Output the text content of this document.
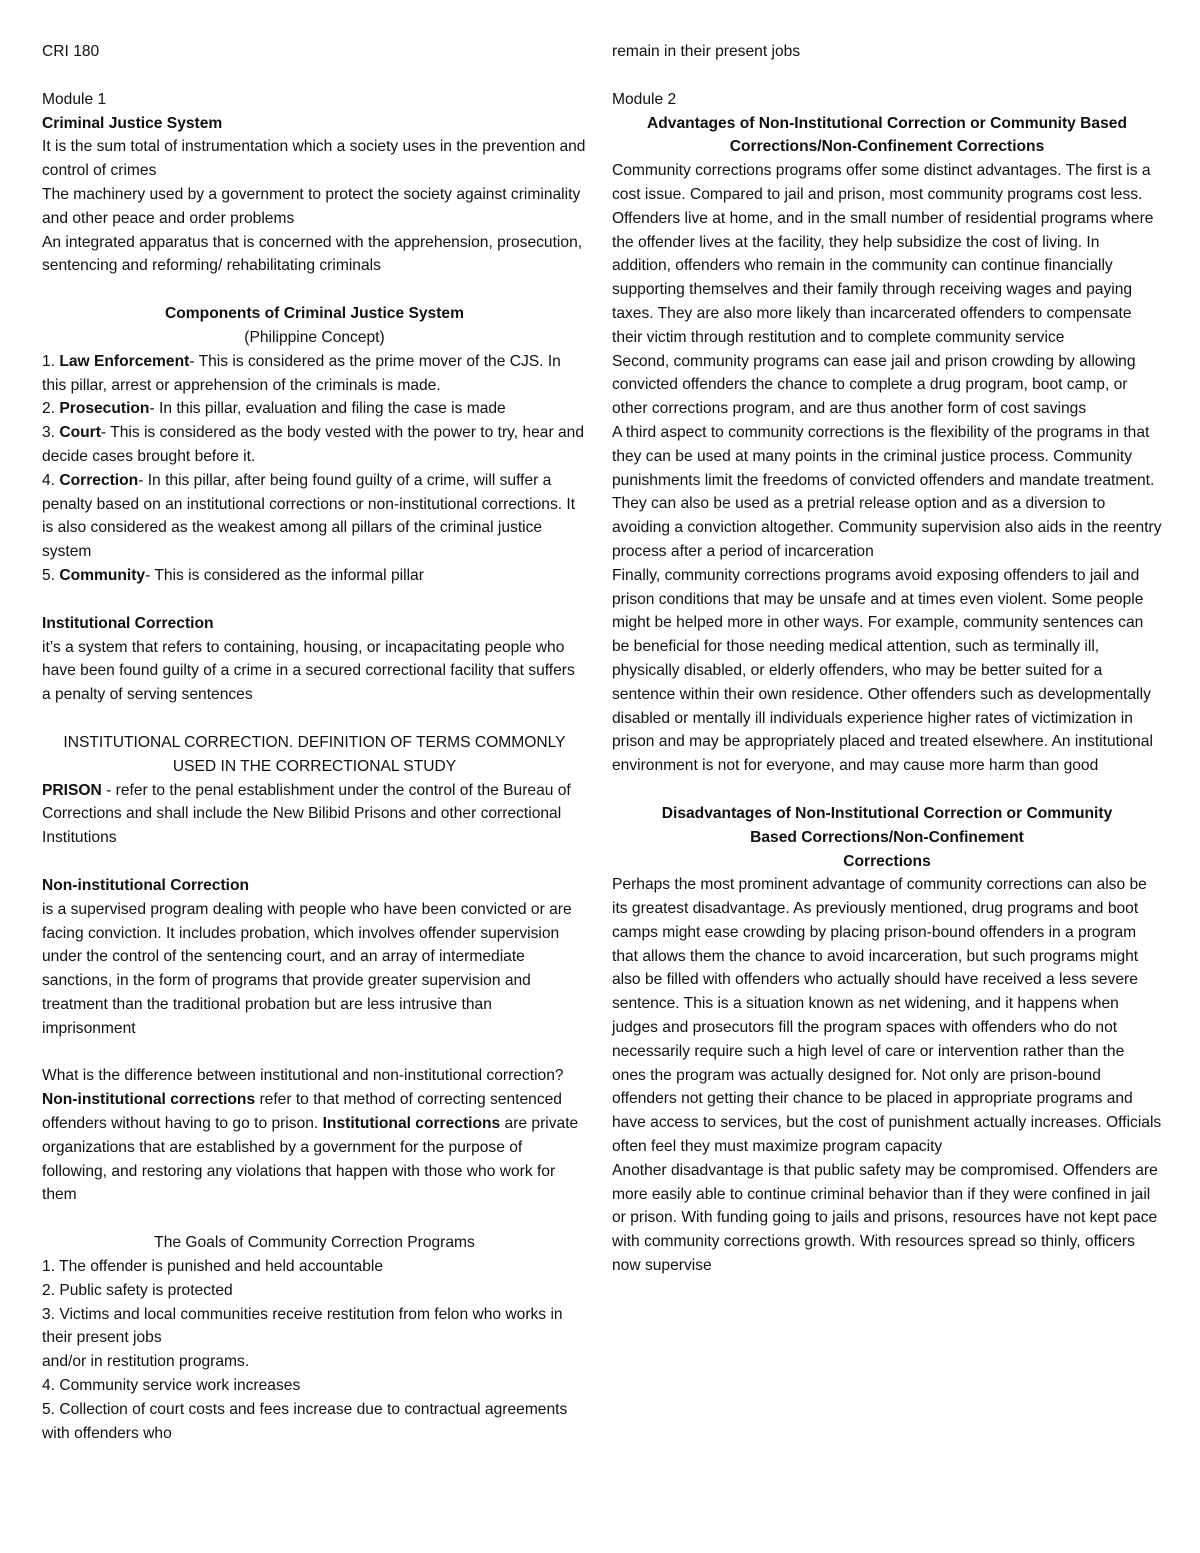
CRI 180

Module 1

Criminal Justice System

It is the sum total of instrumentation which a society uses in the prevention and control of crimes

The machinery used by a government to protect the society against criminality and other peace and order problems

An integrated apparatus that is concerned with the apprehension, prosecution, sentencing and reforming/ rehabilitating criminals

Components of Criminal Justice System

(Philippine Concept)

1. Law Enforcement- This is considered as the prime mover of the CJS. In this pillar, arrest or apprehension of the criminals is made.

2. Prosecution- In this pillar, evaluation and filing the case is made

3. Court- This is considered as the body vested with the power to try, hear and decide cases brought before it.

4. Correction- In this pillar, after being found guilty of a crime, will suffer a penalty based on an institutional corrections or non-institutional corrections. It is also considered as the weakest among all pillars of the criminal justice system

5. Community- This is considered as the informal pillar

Institutional Correction

it’s a system that refers to containing, housing, or incapacitating people who have been found guilty of a crime in a secured correctional facility that suffers a penalty of serving sentences

INSTITUTIONAL CORRECTION. DEFINITION OF TERMS COMMONLY USED IN THE CORRECTIONAL STUDY

PRISON - refer to the penal establishment under the control of the Bureau of Corrections and shall include the New Bilibid Prisons and other correctional Institutions

Non-institutional Correction

is a supervised program dealing with people who have been convicted or are facing conviction. It includes probation, which involves offender supervision under the control of the sentencing court, and an array of intermediate sanctions, in the form of programs that provide greater supervision and treatment than the traditional probation but are less intrusive than imprisonment

What is the difference between institutional and non-institutional correction?

Non-institutional corrections refer to that method of correcting sentenced offenders without having to go to prison. Institutional corrections are private organizations that are established by a government for the purpose of following, and restoring any violations that happen with those who work for them

The Goals of Community Correction Programs

1. The offender is punished and held accountable

2. Public safety is protected

3. Victims and local communities receive restitution from felon who works in their present jobs

and/or in restitution programs.

4. Community service work increases

5. Collection of court costs and fees increase due to contractual agreements with offenders who

remain in their present jobs

Module 2

Advantages of Non-Institutional Correction or Community Based
Corrections/Non-Confinement Corrections

Community corrections programs offer some distinct advantages. The first is a cost issue. Compared to jail and prison, most community programs cost less. Offenders live at home, and in the small number of residential programs where the offender lives at the facility, they help subsidize the cost of living. In addition, offenders who remain in the community can continue financially supporting themselves and their family through receiving wages and paying taxes. They are also more likely than incarcerated offenders to compensate their victim through restitution and to complete community service

Second, community programs can ease jail and prison crowding by allowing convicted offenders the chance to complete a drug program, boot camp, or other corrections program, and are thus another form of cost savings

A third aspect to community corrections is the flexibility of the programs in that they can be used at many points in the criminal justice process. Community punishments limit the freedoms of convicted offenders and mandate treatment. They can also be used as a pretrial release option and as a diversion to avoiding a conviction altogether. Community supervision also aids in the reentry process after a period of incarceration

Finally, community corrections programs avoid exposing offenders to jail and prison conditions that may be unsafe and at times even violent. Some people might be helped more in other ways. For example, community sentences can be beneficial for those needing medical attention, such as terminally ill, physically disabled, or elderly offenders, who may be better suited for a sentence within their own residence. Other offenders such as developmentally disabled or mentally ill individuals experience higher rates of victimization in prison and may be appropriately placed and treated elsewhere. An institutional environment is not for everyone, and may cause more harm than good

Disadvantages of Non-Institutional Correction or Community
Based Corrections/Non-Confinement
Corrections

Perhaps the most prominent advantage of community corrections can also be its greatest disadvantage. As previously mentioned, drug programs and boot camps might ease crowding by placing prison-bound offenders in a program that allows them the chance to avoid incarceration, but such programs might also be filled with offenders who actually should have received a less severe sentence. This is a situation known as net widening, and it happens when judges and prosecutors fill the program spaces with offenders who do not necessarily require such a high level of care or intervention rather than the ones the program was actually designed for. Not only are prison-bound offenders not getting their chance to be placed in appropriate programs and have access to services, but the cost of punishment actually increases. Officials often feel they must maximize program capacity

Another disadvantage is that public safety may be compromised. Offenders are more easily able to continue criminal behavior than if they were confined in jail or prison. With funding going to jails and prisons, resources have not kept pace with community corrections growth. With resources spread so thinly, officers now supervise
